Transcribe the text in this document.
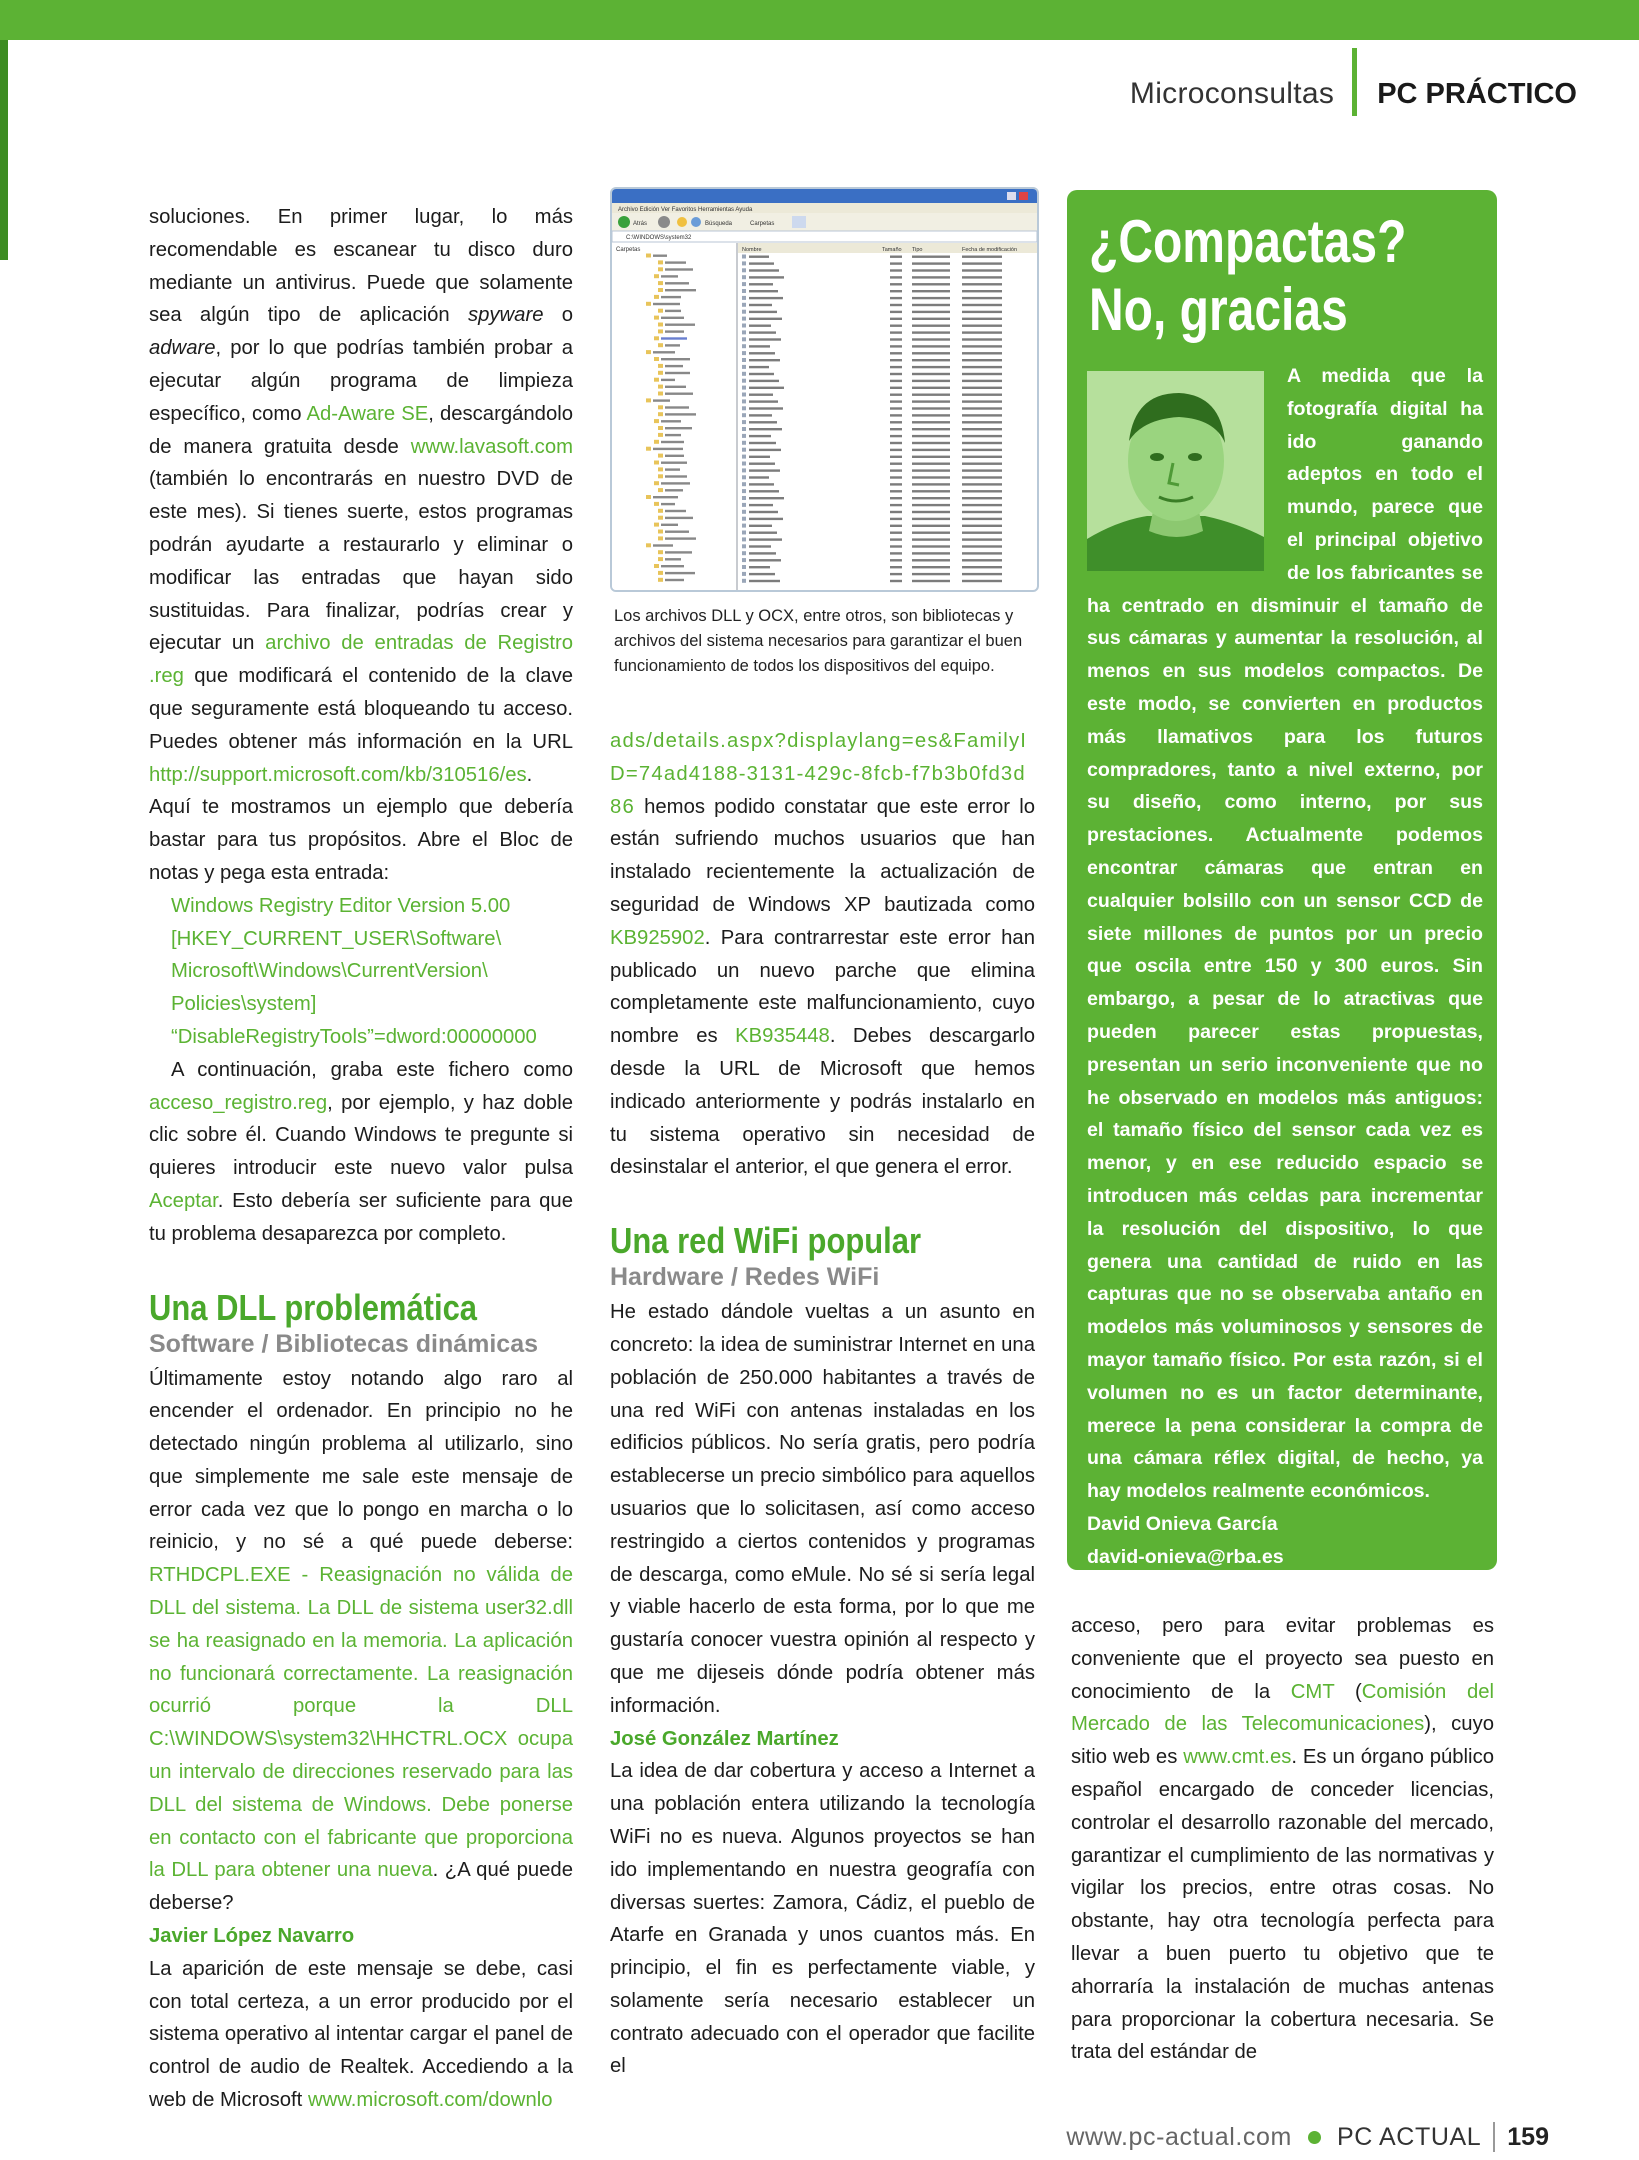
Microconsultas PC PRÁCTICO

soluciones. En primer lugar, lo más recomendable es escanear tu disco duro mediante un antivirus. Puede que solamente sea algún tipo de aplicación spyware o adware, por lo que podrías también probar a ejecutar algún programa de limpieza específico, como Ad-Aware SE, descargándolo de manera gratuita desde www.lavasoft.com (también lo encontrarás en nuestro DVD de este mes). Si tienes suerte, estos programas podrán ayudarte a restaurarlo y eliminar o modificar las entradas que hayan sido sustituidas. Para finalizar, podrías crear y ejecutar un archivo de entradas de Registro .reg que modificará el contenido de la clave que seguramente está bloqueando tu acceso. Puedes obtener más información en la URL http://support.microsoft.com/kb/310516/es. Aquí te mostramos un ejemplo que debería bastar para tus propósitos. Abre el Bloc de notas y pega esta entrada:

Windows Registry Editor Version 5.00
[HKEY_CURRENT_USER\Software\
Microsoft\Windows\CurrentVersion\
Policies\system]
“DisableRegistryTools”=dword:00000000

A continuación, graba este fichero como acceso_registro.reg, por ejemplo, y haz doble clic sobre él. Cuando Windows te pregunte si quieres introducir este nuevo valor pulsa Aceptar. Esto debería ser suficiente para que tu problema desaparezca por completo.

Una DLL problemática
Software / Bibliotecas dinámicas

Últimamente estoy notando algo raro al encender el ordenador. En principio no he detectado ningún problema al utilizarlo, sino que simplemente me sale este mensaje de error cada vez que lo pongo en marcha o lo reinicio, y no sé a qué puede deberse: RTHDCPL.EXE - Reasignación no válida de DLL del sistema. La DLL de sistema user32.dll se ha reasignado en la memoria. La aplicación no funcionará correctamente. La reasignación ocurrió porque la DLL C:\WINDOWS\system32\HHCTRL.OCX ocupa un intervalo de direcciones reservado para las DLL del sistema de Windows. Debe ponerse en contacto con el fabricante que proporciona la DLL para obtener una nueva. ¿A qué puede deberse?

Javier López Navarro

La aparición de este mensaje se debe, casi con total certeza, a un error producido por el sistema operativo al intentar cargar el panel de control de audio de Realtek. Accediendo a la web de Microsoft www.microsoft.com/downlo

Archivo Edición Ver Favoritos Herramientas Ayuda
Atrás	Búsqueda	Carpetas
C:\WINDOWS\system32
Carpetas	Nombre	Tamaño Tipo	Fecha de modificación
Los archivos DLL y OCX, entre otros, son bibliotecas y archivos del sistema necesarios para garantizar el buen funcionamiento de todos los dispositivos del equipo.

ads/details.aspx?displaylang=es&FamilyID=74ad4188-3131-429c-8fcb-f7b3b0fd3d86 hemos podido constatar que este error lo están sufriendo muchos usuarios que han instalado recientemente la actualización de seguridad de Windows XP bautizada como KB925902. Para contrarrestar este error han publicado un nuevo parche que elimina completamente este malfuncionamiento, cuyo nombre es KB935448. Debes descargarlo desde la URL de Microsoft que hemos indicado anteriormente y podrás instalarlo en tu sistema operativo sin necesidad de desinstalar el anterior, el que genera el error.

Una red WiFi popular
Hardware / Redes WiFi

He estado dándole vueltas a un asunto en concreto: la idea de suministrar Internet en una población de 250.000 habitantes a través de una red WiFi con antenas instaladas en los edificios públicos. No sería gratis, pero podría establecerse un precio simbólico para aquellos usuarios que lo solicitasen, así como acceso restringido a ciertos contenidos y programas de descarga, como eMule. No sé si sería legal y viable hacerlo de esta forma, por lo que me gustaría conocer vuestra opinión al respecto y que me dijeseis dónde podría obtener más información.

José González Martínez

La idea de dar cobertura y acceso a Internet a una población entera utilizando la tecnología WiFi no es nueva. Algunos proyectos se han ido implementando en nuestra geografía con diversas suertes: Zamora, Cádiz, el pueblo de Atarfe en Granada y unos cuantos más. En principio, el fin es perfectamente viable, y solamente sería necesario establecer un contrato adecuado con el operador que facilite el

¿Compactas?
No, gracias

A medida que la fotografía digital ha ido ganando adeptos en todo el mundo, parece que el principal objetivo de los fabricantes se ha centrado en disminuir el tamaño de sus cámaras y aumentar la resolución, al menos en sus modelos compactos. De este modo, se convierten en productos más llamativos para los futuros compradores, tanto a nivel externo, por su diseño, como interno, por sus prestaciones. Actualmente podemos encontrar cámaras que entran en cualquier bolsillo con un sensor CCD de siete millones de puntos por un precio que oscila entre 150 y 300 euros. Sin embargo, a pesar de lo atractivas que pueden parecer estas propuestas, presentan un serio inconveniente que no he observado en modelos más antiguos: el tamaño físico del sensor cada vez es menor, y en ese reducido espacio se introducen más celdas para incrementar la resolución del dispositivo, lo que genera una cantidad de ruido en las capturas que no se observaba antaño en modelos más voluminosos y sensores de mayor tamaño físico. Por esta razón, si el volumen no es un factor determinante, merece la pena considerar la compra de una cámara réflex digital, de hecho, ya hay modelos realmente económicos.

David Onieva García
david-onieva@rba.es

acceso, pero para evitar problemas es conveniente que el proyecto sea puesto en conocimiento de la CMT (Comisión del Mercado de las Telecomunicaciones), cuyo sitio web es www.cmt.es. Es un órgano público español encargado de conceder licencias, controlar el desarrollo razonable del mercado, garantizar el cumplimiento de las normativas y vigilar los precios, entre otras cosas. No obstante, hay otra tecnología perfecta para llevar a buen puerto tu objetivo que te ahorraría la instalación de muchas antenas para proporcionar la cobertura necesaria. Se trata del estándar de

www.pc-actual.com PC ACTUAL 159
